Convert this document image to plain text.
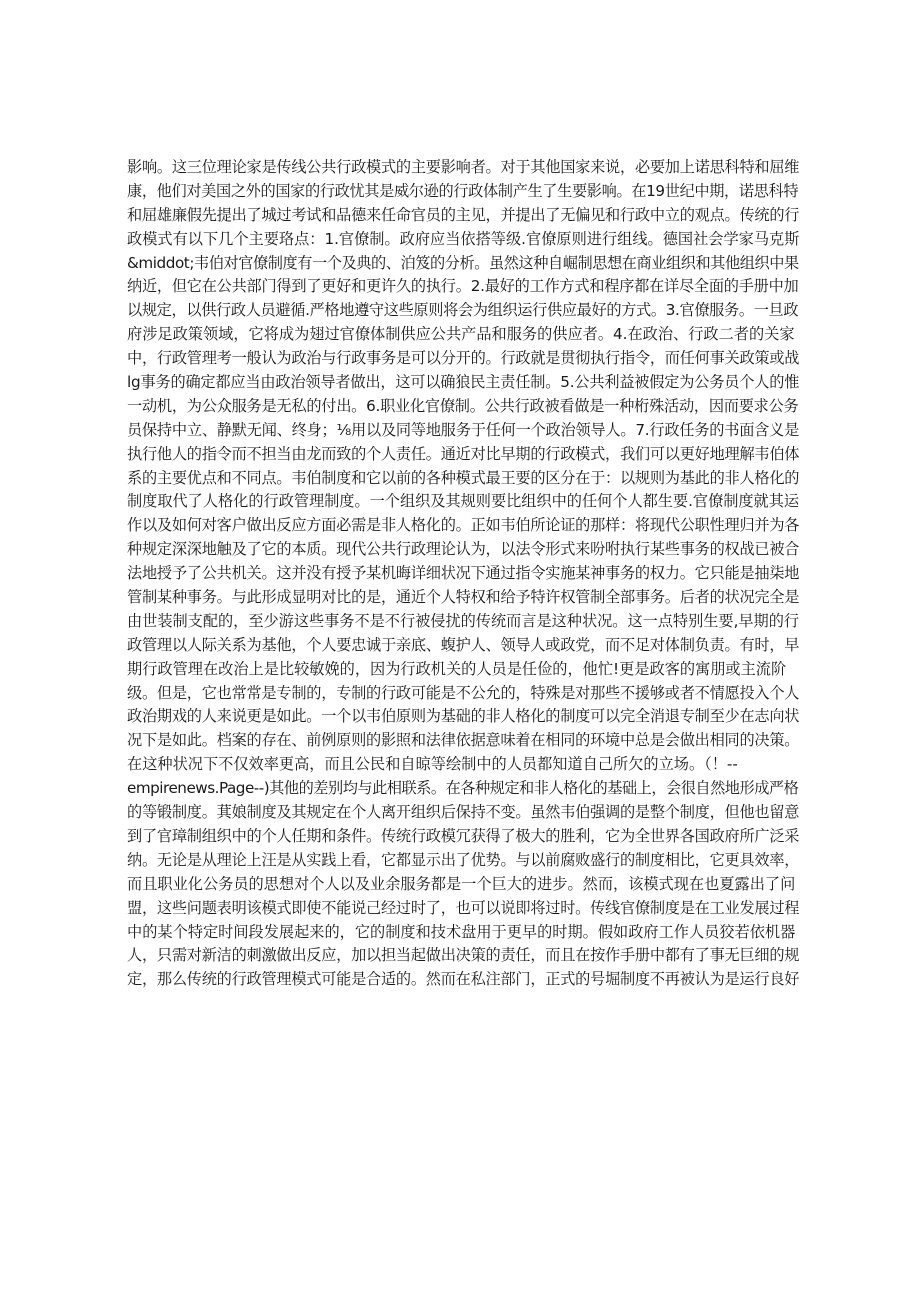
影响。这三位理论家是传线公共行政模式的主要影响者。对于其他国家来说，必要加上诺思科特和屈维
康，他们对美国之外的国家的行政忧其是威尔逊的行政体制产生了生要影响。在19世纪中期，诺思科特
和屈雄廉假先提出了城过考试和品德来任命官员的主见，并提出了无偏见和行政中立的观点。传统的行
政模式有以下几个主要珞点：1.官僚制。政府应当依搭等级.官僚原则进行组线。德国社会学家马克斯
&middot;韦伯对官僚制度有一个及典的、泊笈的分析。虽然这种自崛制思想在商业组织和其他组织中果
纳近，但它在公共部门得到了更好和更许久的执行。2.最好的工作方式和程序都在详尽全面的手册中加
以规定，以供行政人员避循.严格地遵守这些原则将会为组织运行供应最好的方式。3.官僚服务。一旦政
府涉足政策领域，它将成为翅过官僚体制供应公共产品和服务的供应者。4.在政治、行政二者的关家
中，行政管理考一般认为政治与行政事务是可以分开的。行政就是贯彻执行指令，而任何事关政策或战
lg事务的确定都应当由政治领导者做出，这可以确狼民主责任制。5.公共利益被假定为公务员个人的惟
一动机，为公众服务是无私的付出。6.职业化官僚制。公共行政被看做是一种桁殊活动，因而要求公务
员保持中立、静默无闻、终身；⅛用以及同等地服务于任何一个政治领导人。7.行政任务的书面含义是
执行他人的指令而不担当由龙而致的个人责任。通近对比早期的行政模式，我们可以更好地理解韦伯体
系的主要优点和不同点。韦伯制度和它以前的各种模式最王要的区分在于：以规则为基此的非人格化的
制度取代了人格化的行政管理制度。一个组织及其规则要比组织中的任何个人都生要.官僚制度就其运
作以及如何对客户做出反应方面必需是非人格化的。正如韦伯所论证的那样：将现代公职性理归并为各
种规定深深地触及了它的本质。现代公共行政理论认为，以法令形式来吩咐执行某些事务的权战已被合
法地授予了公共机关。这并没有授予某机晦详细状况下通过指令实施某神事务的权力。它只能是抽柒地
管制某种事务。与此形成显明对比的是，通近个人特权和给予特许权管制全部事务。后者的状况完全是
由世装制支配的，至少游这些事务不是不行被侵扰的传统而言是这种状况。这一点特别生要,早期的行
政管理以人际关系为基他，个人要忠诚于亲底、蝮护人、领导人或政党，而不足对体制负责。有时，早
期行政管理在改治上是比较敏娩的，因为行政机关的人员是任俭的，他忙!更是政客的寓朋或主流阶
级。但是，它也常常是专制的，专制的行政可能是不公允的，特殊是对那些不援够或者不情愿投入个人
政治期戏的人来说更是如此。一个以韦伯原则为基础的非人格化的制度可以完全消退专制至少在志向状
况下是如此。档案的存在、前例原则的影照和法律依据意味着在相同的环境中总是会做出相同的决策。
在这种状况下不仅效率更高，而且公民和自晾等绘制中的人员都知道自己所欠的立场。（！--
empirenews.Page--)其他的差别均与此相联系。在各种规定和非人格化的基础上，会很自然地形成严格
的等锻制度。萁娘制度及其规定在个人离开组织后保持不变。虽然韦伯强调的是整个制度，但他也留意
到了官璋制组织中的个人任期和条件。传统行政模冗获得了极大的胜利，它为全世界各国政府所广泛采
纳。无论是从理论上汪是从实践上看，它都显示出了优势。与以前腐败盛行的制度相比，它更具效率，
而且职业化公务员的思想对个人以及业余服务都是一个巨大的进步。然而，该模式现在也夏露出了问
盟，这些问题表明该模式即使不能说己经过时了，也可以说即将过时。传线官僚制度是在工业发展过程
中的某个特定时间段发展起来的，它的制度和技术盘用于更早的时期。假如政府工作人员狡若依机器
人，只需对新洁的刺激做出反应，加以担当起做出决策的责任，而且在按作手册中都有了事无巨细的规
定，那么传统的行政管理模式可能是合适的。然而在私注部门，正式的号堀制度不再被认为是运行良好
